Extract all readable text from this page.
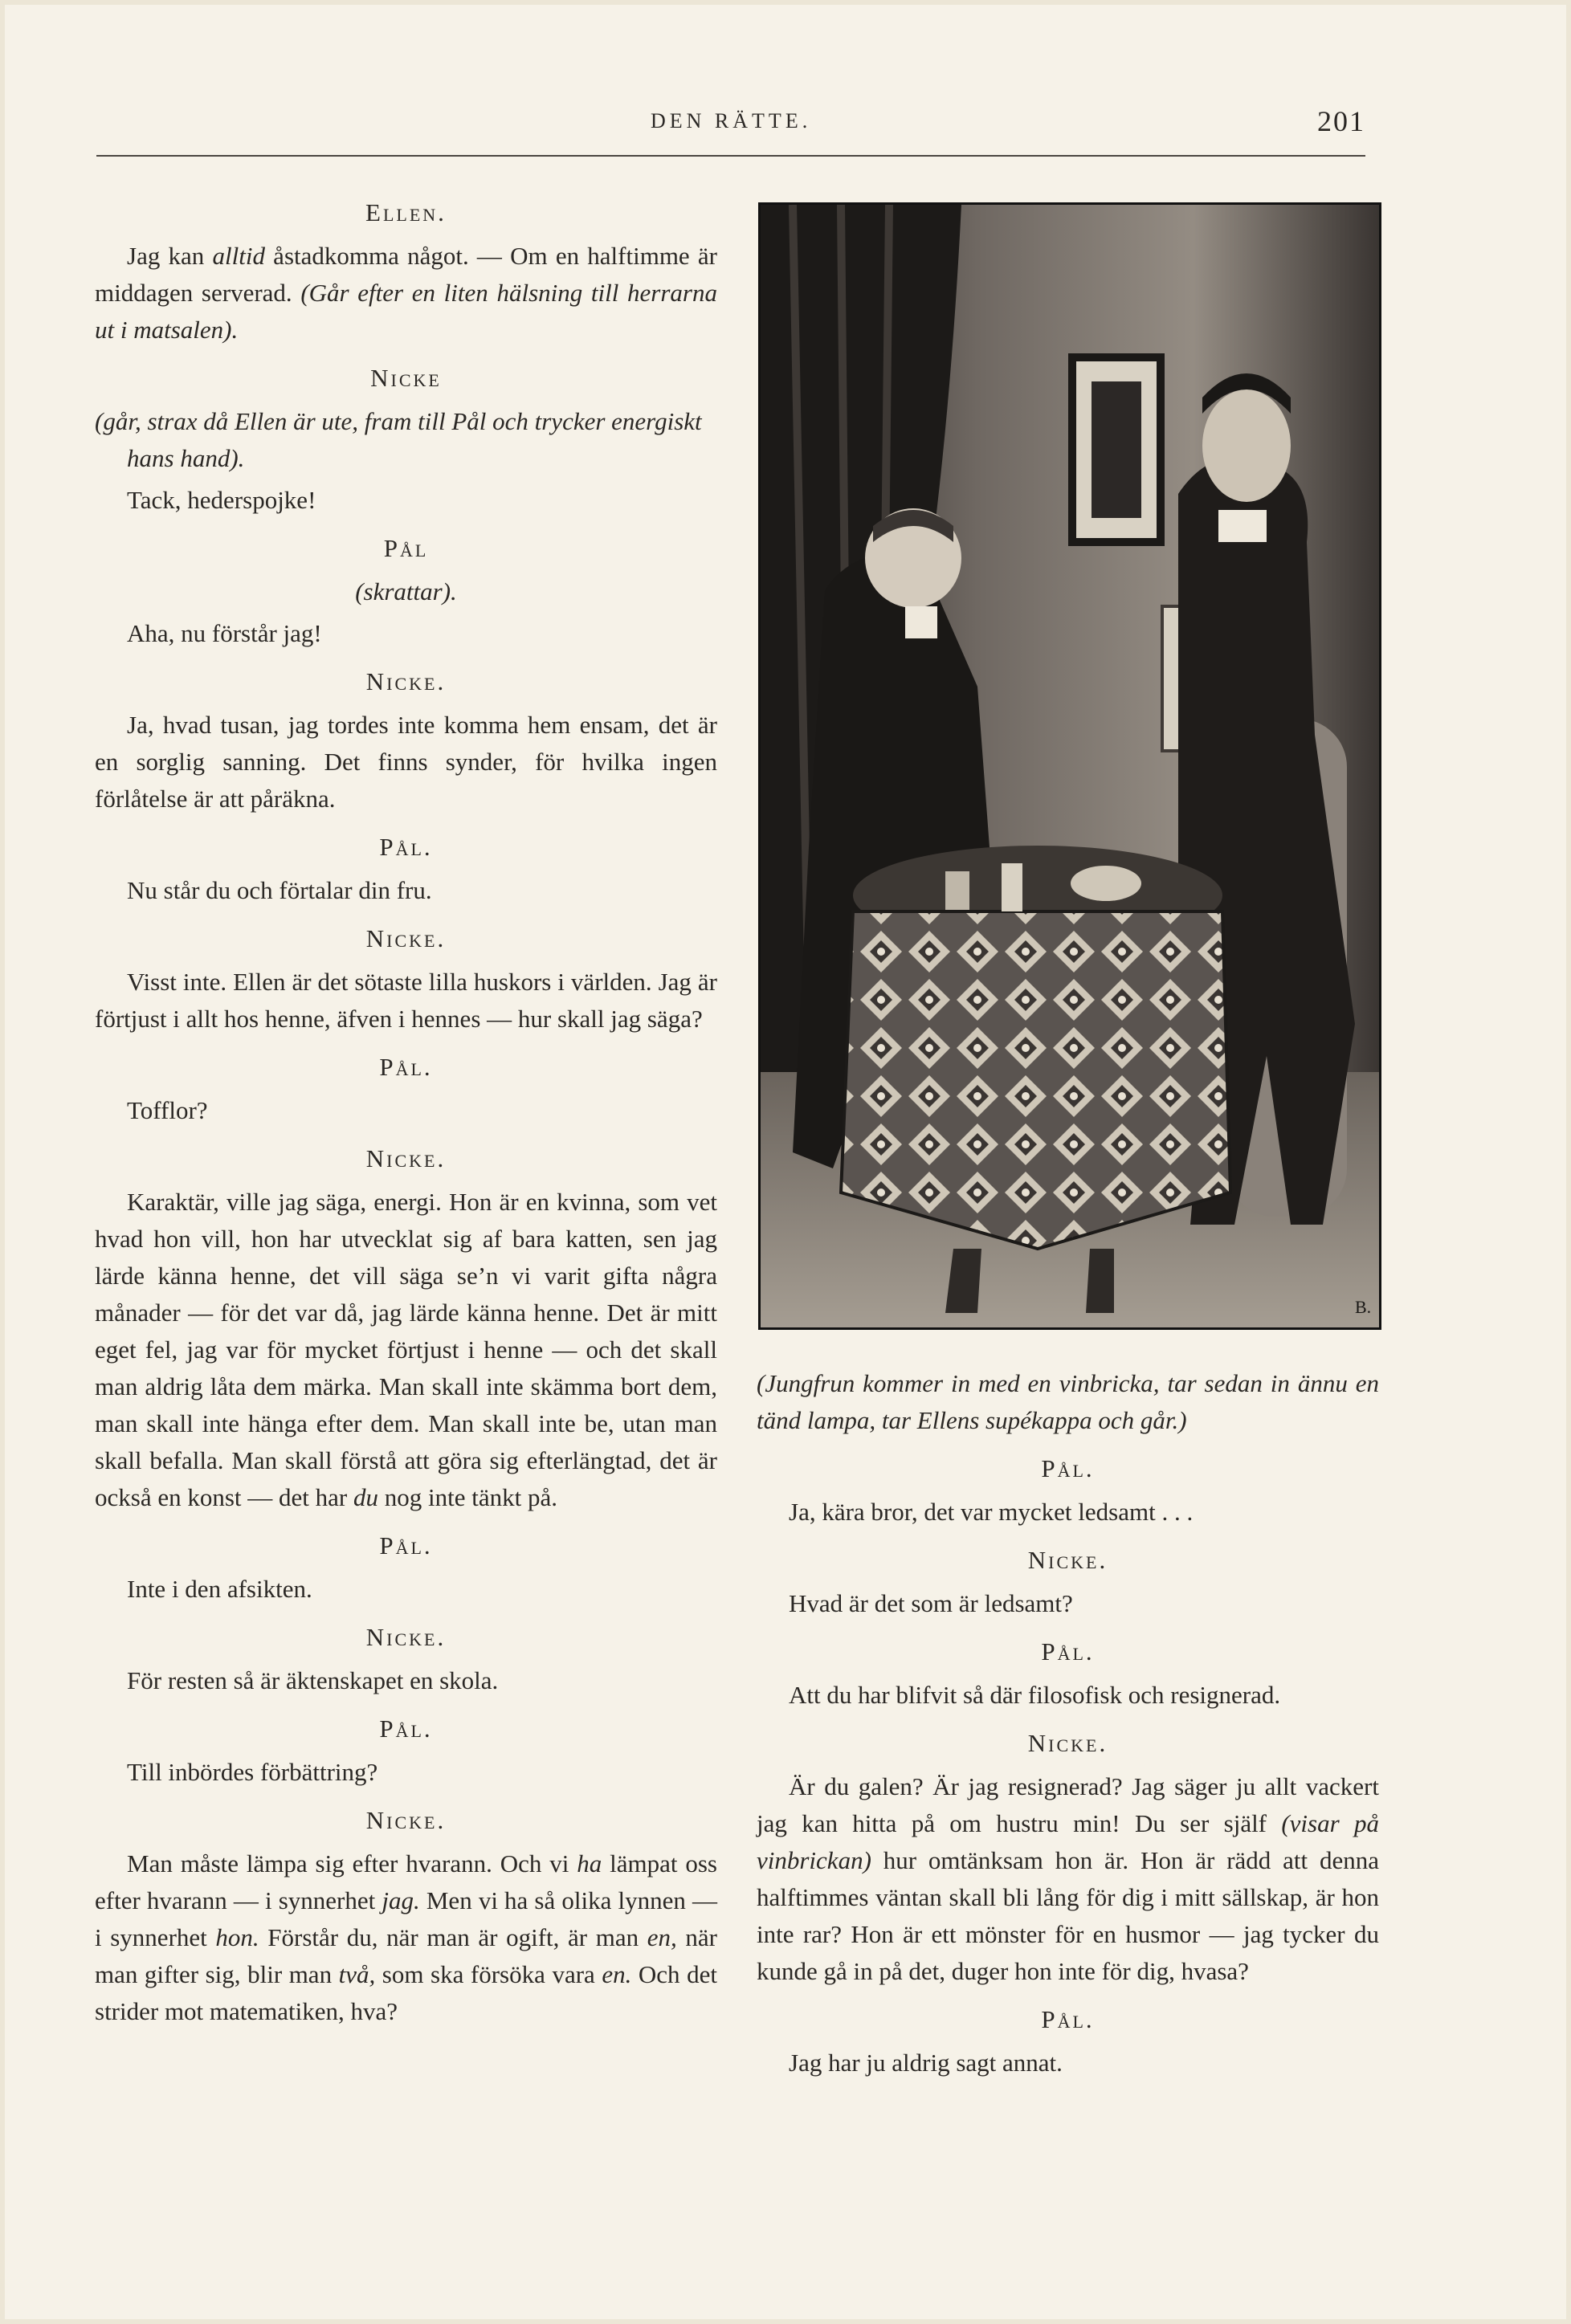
DEN RÄTTE.	201
Ellen.

Jag kan alltid åstadkomma något. — Om en halftimme är middagen serverad. (Går efter en liten hälsning till herrarna ut i matsalen).

Nicke
(går, strax då Ellen är ute, fram till Pål och trycker energiskt hans hand).

Tack, hederspojke!

Pål
(skrattar).

Aha, nu förstår jag!

Nicke.

Ja, hvad tusan, jag tordes inte komma hem ensam, det är en sorglig sanning. Det finns synder, för hvilka ingen förlåtelse är att påräkna.

Pål.

Nu står du och förtalar din fru.

Nicke.

Visst inte. Ellen är det sötaste lilla huskors i världen. Jag är förtjust i allt hos henne, äfven i hennes — hur skall jag säga?

Pål.

Tofflor?

Nicke.

Karaktär, ville jag säga, energi. Hon är en kvinna, som vet hvad hon vill, hon har utvecklat sig af bara katten, sen jag lärde känna henne, det vill säga se’n vi varit gifta några månader — för det var då, jag lärde känna henne. Det är mitt eget fel, jag var för mycket förtjust i henne — och det skall man aldrig låta dem märka. Man skall inte skämma bort dem, man skall inte hänga efter dem. Man skall inte be, utan man skall befalla. Man skall förstå att göra sig efterlängtad, det är också en konst — det har du nog inte tänkt på.

Pål.

Inte i den afsikten.

Nicke.

För resten så är äktenskapet en skola.

Pål.

Till inbördes förbättring?

Nicke.

Man måste lämpa sig efter hvarann. Och vi ha lämpat oss efter hvarann — i synnerhet jag. Men vi ha så olika lynnen — i synnerhet hon. Förstår du, när man är ogift, är man en, när man gifter sig, blir man två, som ska försöka vara en. Och det strider mot matematiken, hva?

B.
(Jungfrun kommer in med en vinbricka, tar sedan in ännu en tänd lampa, tar Ellens supékappa och går.)
Pål.

Ja, kära bror, det var mycket ledsamt . . .

Nicke.

Hvad är det som är ledsamt?

Pål.

Att du har blifvit så där filosofisk och resignerad.

Nicke.

Är du galen? Är jag resignerad? Jag säger ju allt vackert jag kan hitta på om hustru min! Du ser själf (visar på vinbrickan) hur omtänksam hon är. Hon är rädd att denna halftimmes väntan skall bli lång för dig i mitt sällskap, är hon inte rar? Hon är ett mönster för en husmor — jag tycker du kunde gå in på det, duger hon inte för dig, hvasa?

Pål.

Jag har ju aldrig sagt annat.
